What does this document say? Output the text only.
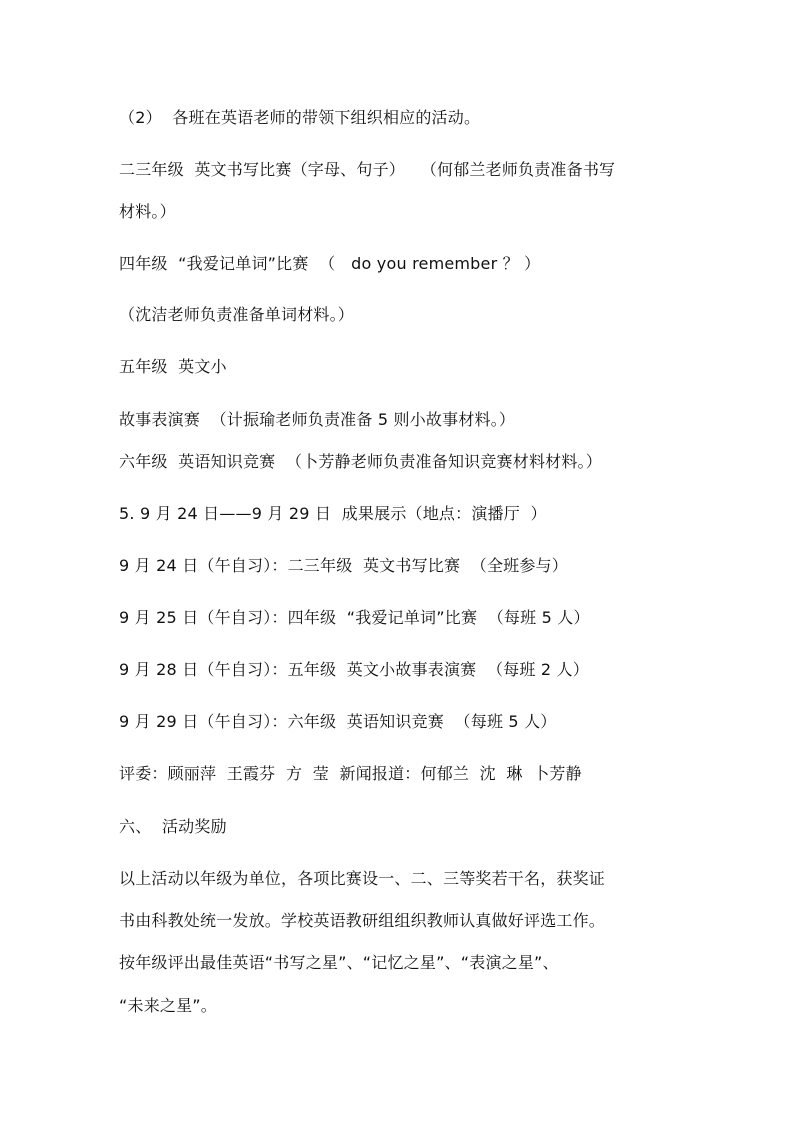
（2）  各班在英语老师的带领下组织相应的活动。
二三年级  英文书写比赛（字母、句子）   （何郁兰老师负责准备书写
材料。）
四年级  “我爱记单词”比赛  （   do you remember ？ ）
（沈洁老师负责准备单词材料。）
五年级  英文小
故事表演赛  （计振瑜老师负责准备 5 则小故事材料。）
六年级  英语知识竞赛  （卜芳静老师负责准备知识竞赛材料材料。）
5. 9 月 24 日——9 月 29 日  成果展示（地点：演播厅  ）
9 月 24 日（午自习）：二三年级  英文书写比赛  （全班参与）
9 月 25 日（午自习）：四年级  “我爱记单词”比赛  （每班 5 人）
9 月 28 日（午自习）：五年级  英文小故事表演赛  （每班 2 人）
9 月 29 日（午自习）：六年级  英语知识竞赛  （每班 5 人）
评委：顾丽萍  王霞芬  方  莹  新闻报道：何郁兰  沈  琳  卜芳静
六、  活动奖励
以上活动以年级为单位，各项比赛设一、二、三等奖若干名，获奖证
书由科教处统一发放。学校英语教研组组织教师认真做好评选工作。
按年级评出最佳英语“书写之星”、“记忆之星”、“表演之星”、
“未来之星”。
